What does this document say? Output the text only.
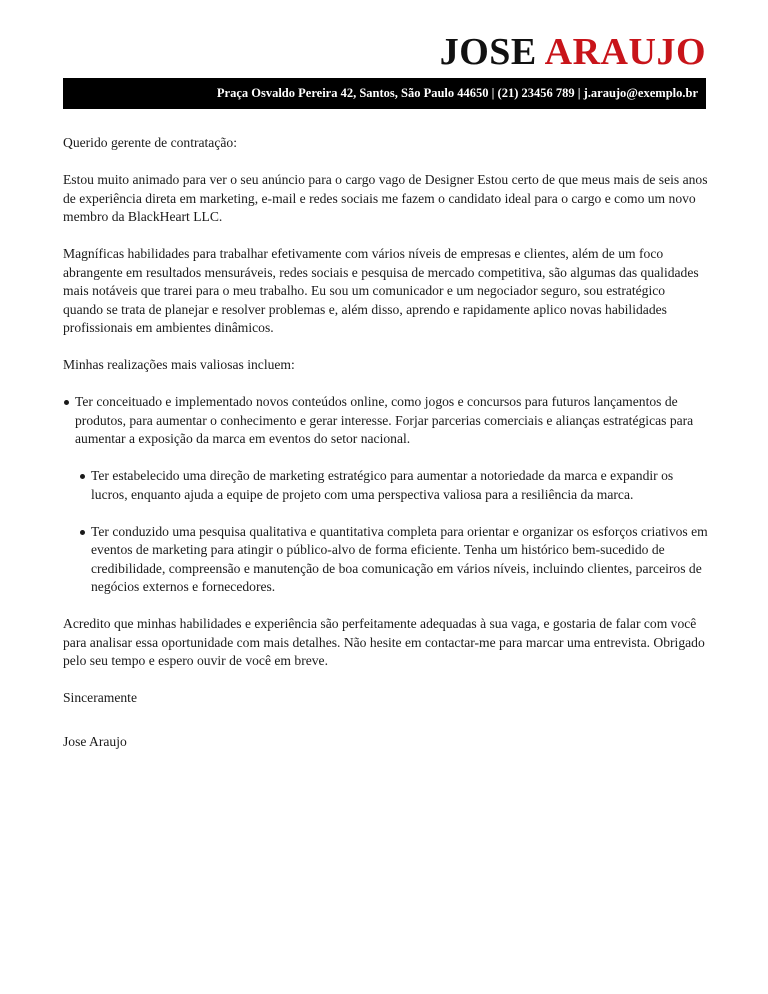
JOSE ARAUJO
Praça Osvaldo Pereira 42, Santos, São Paulo 44650 | (21) 23456 789 | j.araujo@exemplo.br

Querido gerente de contratação:

Estou muito animado para ver o seu anúncio para o cargo vago de Designer Estou certo de que meus mais de seis anos de experiência direta em marketing, e-mail e redes sociais me fazem o candidato ideal para o cargo e como um novo membro da BlackHeart LLC.

Magníficas habilidades para trabalhar efetivamente com vários níveis de empresas e clientes, além de um foco abrangente em resultados mensuráveis, redes sociais e pesquisa de mercado competitiva, são algumas das qualidades mais notáveis que trarei para o meu trabalho. Eu sou um comunicador e um negociador seguro, sou estratégico quando se trata de planejar e resolver problemas e, além disso, aprendo e rapidamente aplico novas habilidades profissionais em ambientes dinâmicos.

Minhas realizações mais valiosas incluem:

Ter conceituado e implementado novos conteúdos online, como jogos e concursos para futuros lançamentos de produtos, para aumentar o conhecimento e gerar interesse. Forjar parcerias comerciais e alianças estratégicas para aumentar a exposição da marca em eventos do setor nacional.
Ter estabelecido uma direção de marketing estratégico para aumentar a notoriedade da marca e expandir os lucros, enquanto ajuda a equipe de projeto com uma perspectiva valiosa para a resiliência da marca.
Ter conduzido uma pesquisa qualitativa e quantitativa completa para orientar e organizar os esforços criativos em eventos de marketing para atingir o público-alvo de forma eficiente. Tenha um histórico bem-sucedido de credibilidade, compreensão e manutenção de boa comunicação em vários níveis, incluindo clientes, parceiros de negócios externos e fornecedores.

Acredito que minhas habilidades e experiência são perfeitamente adequadas à sua vaga, e gostaria de falar com você para analisar essa oportunidade com mais detalhes. Não hesite em contactar-me para marcar uma entrevista. Obrigado pelo seu tempo e espero ouvir de você em breve.

Sinceramente

Jose Araujo
